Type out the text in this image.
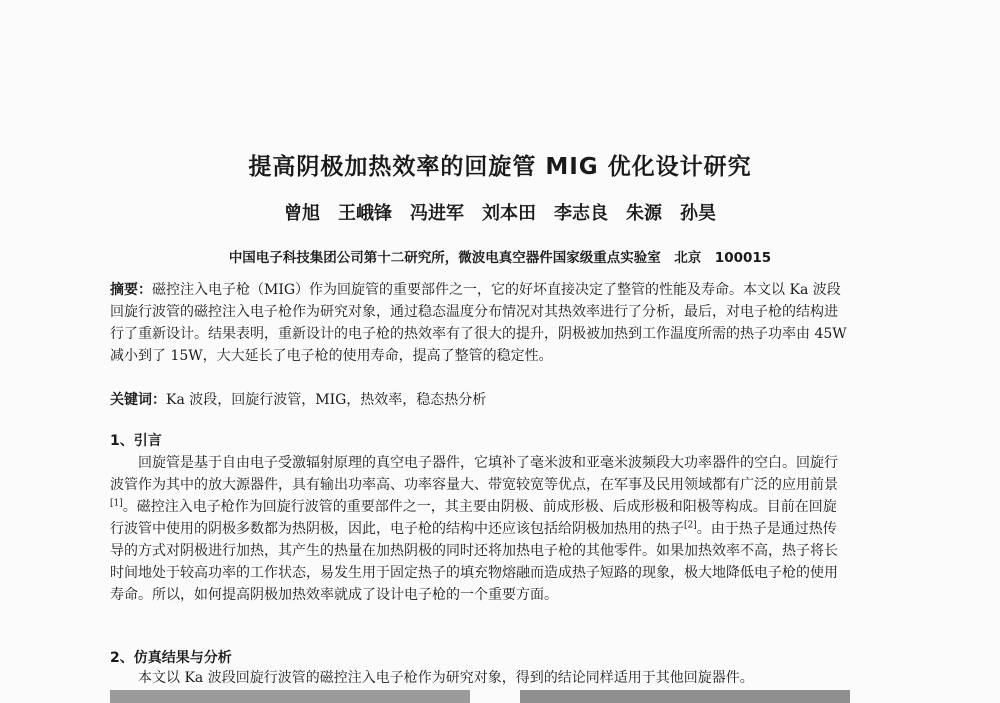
提高阴极加热效率的回旋管 MIG 优化设计研究
曾旭　王峨锋　冯进军　刘本田　李志良　朱源　孙昊
中国电子科技集团公司第十二研究所，微波电真空器件国家级重点实验室　北京　100015
摘要：磁控注入电子枪（MIG）作为回旋管的重要部件之一，它的好坏直接决定了整管的性能及寿命。本文以 Ka 波段回旋行波管的磁控注入电子枪作为研究对象，通过稳态温度分布情况对其热效率进行了分析，最后，对电子枪的结构进行了重新设计。结果表明，重新设计的电子枪的热效率有了很大的提升，阴极被加热到工作温度所需的热子功率由 45W 减小到了 15W，大大延长了电子枪的使用寿命，提高了整管的稳定性。
关键词：Ka 波段，回旋行波管，MIG，热效率，稳态热分析
1、引言
回旋管是基于自由电子受激辐射原理的真空电子器件，它填补了毫米波和亚毫米波频段大功率器件的空白。回旋行波管作为其中的放大源器件，具有输出功率高、功率容量大、带宽较宽等优点，在军事及民用领域都有广泛的应用前景[1]。磁控注入电子枪作为回旋行波管的重要部件之一，其主要由阴极、前成形极、后成形极和阳极等构成。目前在回旋行波管中使用的阴极多数都为热阴极，因此，电子枪的结构中还应该包括给阴极加热用的热子[2]。由于热子是通过热传导的方式对阴极进行加热，其产生的热量在加热阴极的同时还将加热电子枪的其他零件。如果加热效率不高，热子将长时间地处于较高功率的工作状态，易发生用于固定热子的填充物熔融而造成热子短路的现象，极大地降低电子枪的使用寿命。所以，如何提高阴极加热效率就成了设计电子枪的一个重要方面。
2、仿真结果与分析
本文以 Ka 波段回旋行波管的磁控注入电子枪作为研究对象，得到的结论同样适用于其他回旋器件。
